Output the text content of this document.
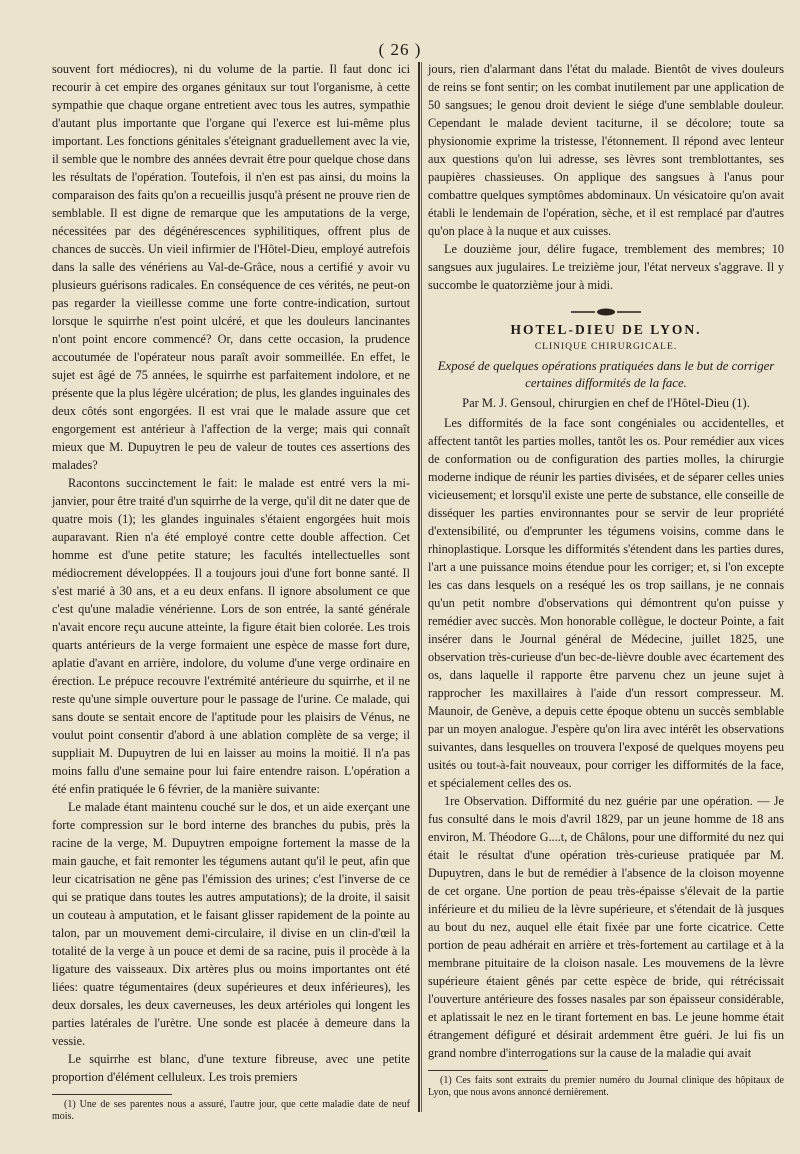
( 26 )

souvent fort médiocres), ni du volume de la partie. Il faut donc ici recourir à cet empire des organes génitaux sur tout l'organisme, à cette sympathie que chaque organe entretient avec tous les autres, sympathie d'autant plus importante que l'organe qui l'exerce est lui-même plus important. Les fonctions génitales s'éteignant graduellement avec la vie, il semble que le nombre des années devrait être pour quelque chose dans les résultats de l'opération. Toutefois, il n'en est pas ainsi, du moins la comparaison des faits qu'on a recueillis jusqu'à présent ne prouve rien de semblable. Il est digne de remarque que les amputations de la verge, nécessitées par des dégénérescences syphilitiques, offrent plus de chances de succès. Un vieil infirmier de l'Hôtel-Dieu, employé autrefois dans la salle des vénériens au Val-de-Grâce, nous a certifié y avoir vu plusieurs guérisons radicales. En conséquence de ces vérités, ne peut-on pas regarder la vieillesse comme une forte contre-indication, surtout lorsque le squirrhe n'est point ulcéré, et que les douleurs lancinantes n'ont point encore commencé? Or, dans cette occasion, la prudence accoutumée de l'opérateur nous paraît avoir sommeillée. En effet, le sujet est âgé de 75 années, le squirrhe est parfaitement indolore, et ne présente que la plus légère ulcération; de plus, les glandes inguinales des deux côtés sont engorgées. Il est vrai que le malade assure que cet engorgement est antérieur à l'affection de la verge; mais qui connaît mieux que M. Dupuytren le peu de valeur de toutes ces assertions des malades?

Racontons succinctement le fait: le malade est entré vers la mi-janvier, pour être traité d'un squirrhe de la verge, qu'il dit ne dater que de quatre mois (1); les glandes inguinales s'étaient engorgées huit mois auparavant. Rien n'a été employé contre cette double affection. Cet homme est d'une petite stature; les facultés intellectuelles sont médiocrement développées. Il a toujours joui d'une fort bonne santé. Il s'est marié à 30 ans, et a eu deux enfans. Il ignore absolument ce que c'est qu'une maladie vénérienne. Lors de son entrée, la santé générale n'avait encore reçu aucune atteinte, la figure était bien colorée. Les trois quarts antérieurs de la verge formaient une espèce de masse fort dure, aplatie d'avant en arrière, indolore, du volume d'une verge ordinaire en érection. Le prépuce recouvre l'extrémité antérieure du squirrhe, et il ne reste qu'une simple ouverture pour le passage de l'urine. Ce malade, qui sans doute se sentait encore de l'aptitude pour les plaisirs de Vénus, ne voulut point consentir d'abord à une ablation complète de sa verge; il suppliait M. Dupuytren de lui en laisser au moins la moitié. Il n'a pas moins fallu d'une semaine pour lui faire entendre raison. L'opération a été enfin pratiquée le 6 février, de la manière suivante:

Le malade étant maintenu couché sur le dos, et un aide exerçant une forte compression sur le bord interne des branches du pubis, près la racine de la verge, M. Dupuytren empoigne fortement la masse de la main gauche, et fait remonter les tégumens autant qu'il le peut, afin que leur cicatrisation ne gêne pas l'émission des urines; c'est l'inverse de ce qui se pratique dans toutes les autres amputations); de la droite, il saisit un couteau à amputation, et le faisant glisser rapidement de la pointe au talon, par un mouvement demi-circulaire, il divise en un clin-d'œil la totalité de la verge à un pouce et demi de sa racine, puis il procède à la ligature des vaisseaux. Dix artères plus ou moins importantes ont été liées: quatre tégumentaires (deux supérieures et deux inférieures), les deux dorsales, les deux caverneuses, les deux artérioles qui longent les parties latérales de l'urètre. Une sonde est placée à demeure dans la vessie.

Le squirrhe est blanc, d'une texture fibreuse, avec une petite proportion d'élément celluleux. Les trois premiers

(1) Une de ses parentes nous a assuré, l'autre jour, que cette maladie date de neuf mois.

jours, rien d'alarmant dans l'état du malade. Bientôt de vives douleurs de reins se font sentir; on les combat inutilement par une application de 50 sangsues; le genou droit devient le siége d'une semblable douleur. Cependant le malade devient taciturne, il se décolore; toute sa physionomie exprime la tristesse, l'étonnement. Il répond avec lenteur aux questions qu'on lui adresse, ses lèvres sont tremblottantes, ses paupières chassieuses. On applique des sangsues à l'anus pour combattre quelques symptômes abdominaux. Un vésicatoire qu'on avait établi le lendemain de l'opération, sèche, et il est remplacé par d'autres qu'on place à la nuque et aux cuisses.

Le douzième jour, délire fugace, tremblement des membres; 10 sangsues aux jugulaires. Le treizième jour, l'état nerveux s'aggrave. Il y succombe le quatorzième jour à midi.

HOTEL-DIEU DE LYON.
CLINIQUE CHIRURGICALE.
Exposé de quelques opérations pratiquées dans le but de corriger certaines difformités de la face.
Par M. J. Gensoul, chirurgien en chef de l'Hôtel-Dieu (1).

Les difformités de la face sont congéniales ou accidentelles, et affectent tantôt les parties molles, tantôt les os. Pour remédier aux vices de conformation ou de configuration des parties molles, la chirurgie moderne indique de réunir les parties divisées, et de séparer celles unies vicieusement; et lorsqu'il existe une perte de substance, elle conseille de disséquer les parties environnantes pour se servir de leur propriété d'extensibilité, ou d'emprunter les tégumens voisins, comme dans le rhinoplastique. Lorsque les difformités s'étendent dans les parties dures, l'art a une puissance moins étendue pour les corriger; et, si l'on excepte les cas dans lesquels on a reséqué les os trop saillans, je ne connais qu'un petit nombre d'observations qui démontrent qu'on puisse y remédier avec succès. Mon honorable collègue, le docteur Pointe, a fait insérer dans le Journal général de Médecine, juillet 1825, une observation très-curieuse d'un bec-de-lièvre double avec écartement des os, dans laquelle il rapporte être parvenu chez un jeune sujet à rapprocher les maxillaires à l'aide d'un ressort compresseur. M. Maunoir, de Genève, a depuis cette époque obtenu un succès semblable par un moyen analogue. J'espère qu'on lira avec intérêt les observations suivantes, dans lesquelles on trouvera l'exposé de quelques moyens peu usités ou tout-à-fait nouveaux, pour corriger les difformités de la face, et spécialement celles des os.

1re Observation. Difformité du nez guérie par une opération. — Je fus consulté dans le mois d'avril 1829, par un jeune homme de 18 ans environ, M. Théodore G....t, de Châlons, pour une difformité du nez qui était le résultat d'une opération très-curieuse pratiquée par M. Dupuytren, dans le but de remédier à l'absence de la cloison moyenne de cet organe. Une portion de peau très-épaisse s'élevait de la partie inférieure et du milieu de la lèvre supérieure, et s'étendait de là jusques au bout du nez, auquel elle était fixée par une forte cicatrice. Cette portion de peau adhérait en arrière et très-fortement au cartilage et à la membrane pituitaire de la cloison nasale. Les mouvemens de la lèvre supérieure étaient gênés par cette espèce de bride, qui rétrécissait l'ouverture antérieure des fosses nasales par son épaisseur considérable, et aplatissait le nez en le tirant fortement en bas. Le jeune homme était étrangement défiguré et désirait ardemment être guéri. Je lui fis un grand nombre d'interrogations sur la cause de la maladie qui avait

(1) Ces faits sont extraits du premier numéro du Journal clinique des hôpitaux de Lyon, que nous avons annoncé dernièrement.
